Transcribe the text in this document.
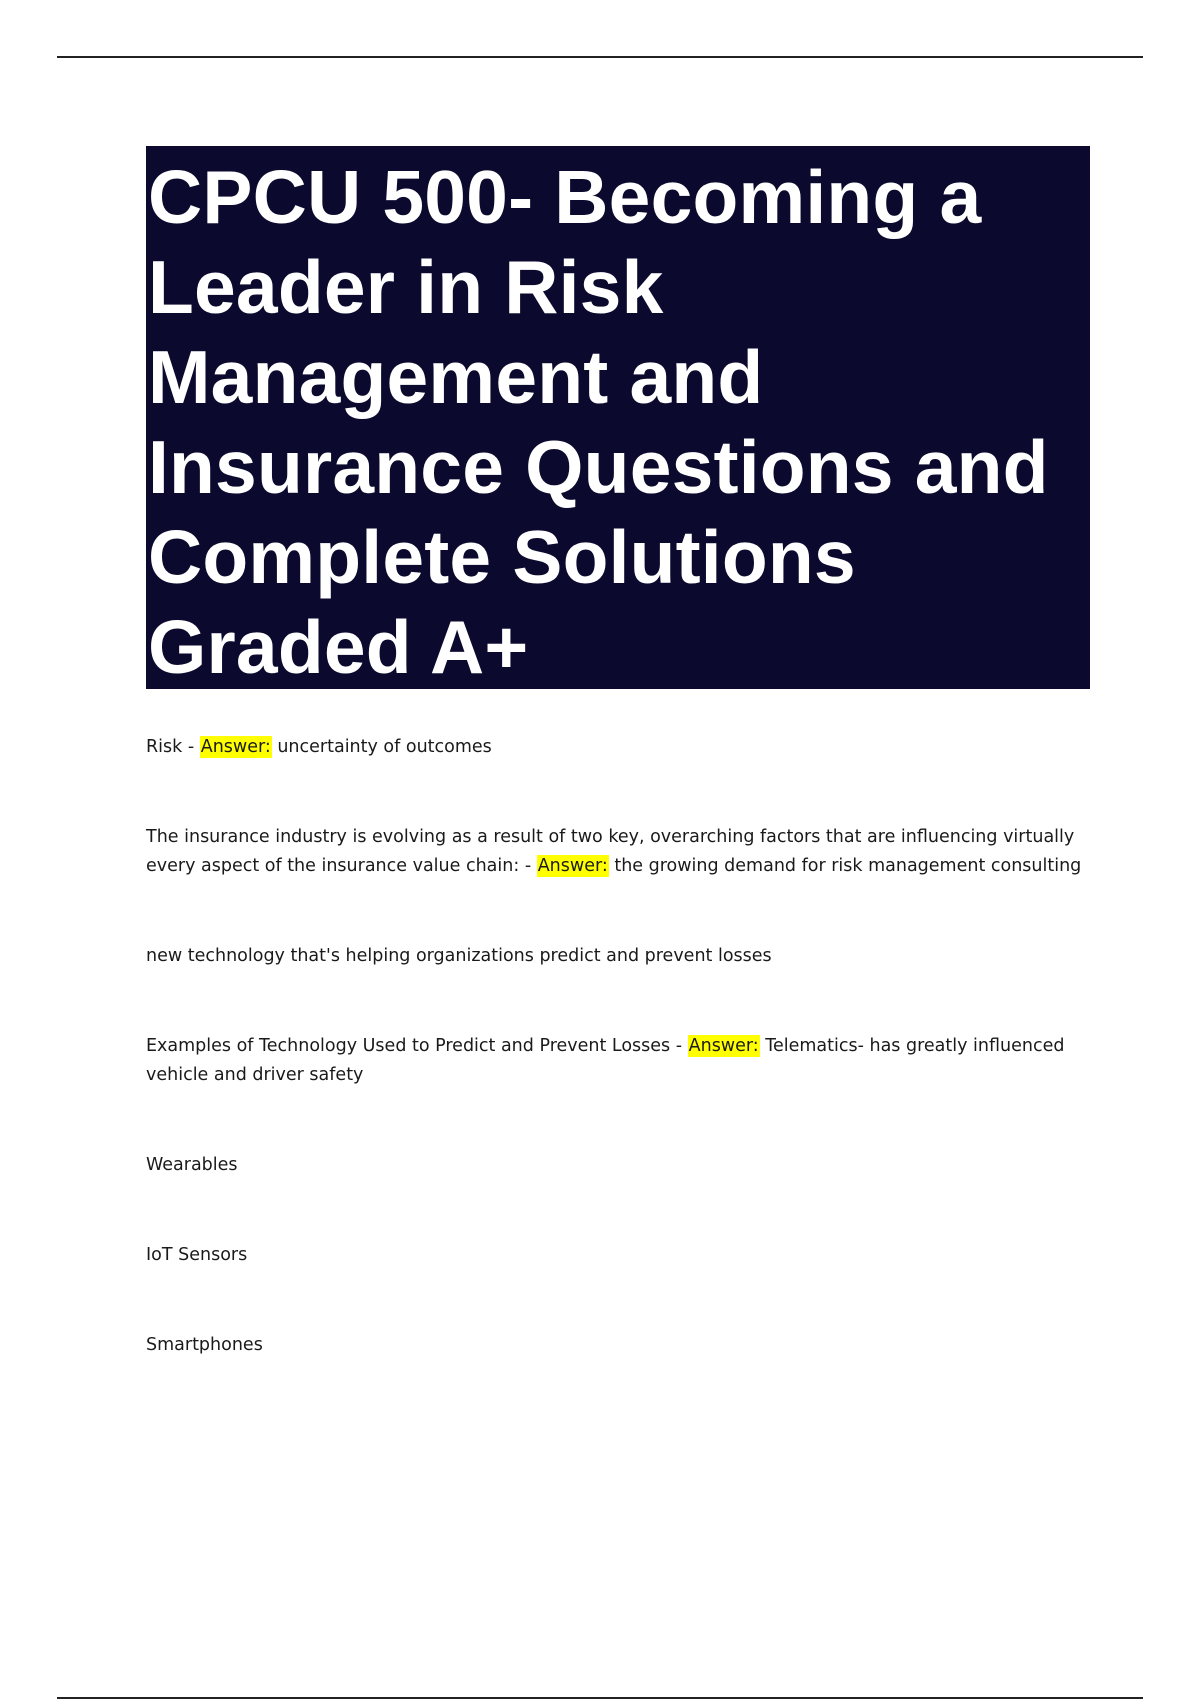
CPCU 500- Becoming a Leader in Risk Management and Insurance Questions and Complete Solutions Graded A+

Risk - Answer: uncertainty of outcomes

The insurance industry is evolving as a result of two key, overarching factors that are influencing virtually every aspect of the insurance value chain: - Answer: the growing demand for risk management consulting

new technology that's helping organizations predict and prevent losses

Examples of Technology Used to Predict and Prevent Losses - Answer: Telematics- has greatly influenced vehicle and driver safety

Wearables

IoT Sensors

Smartphones
